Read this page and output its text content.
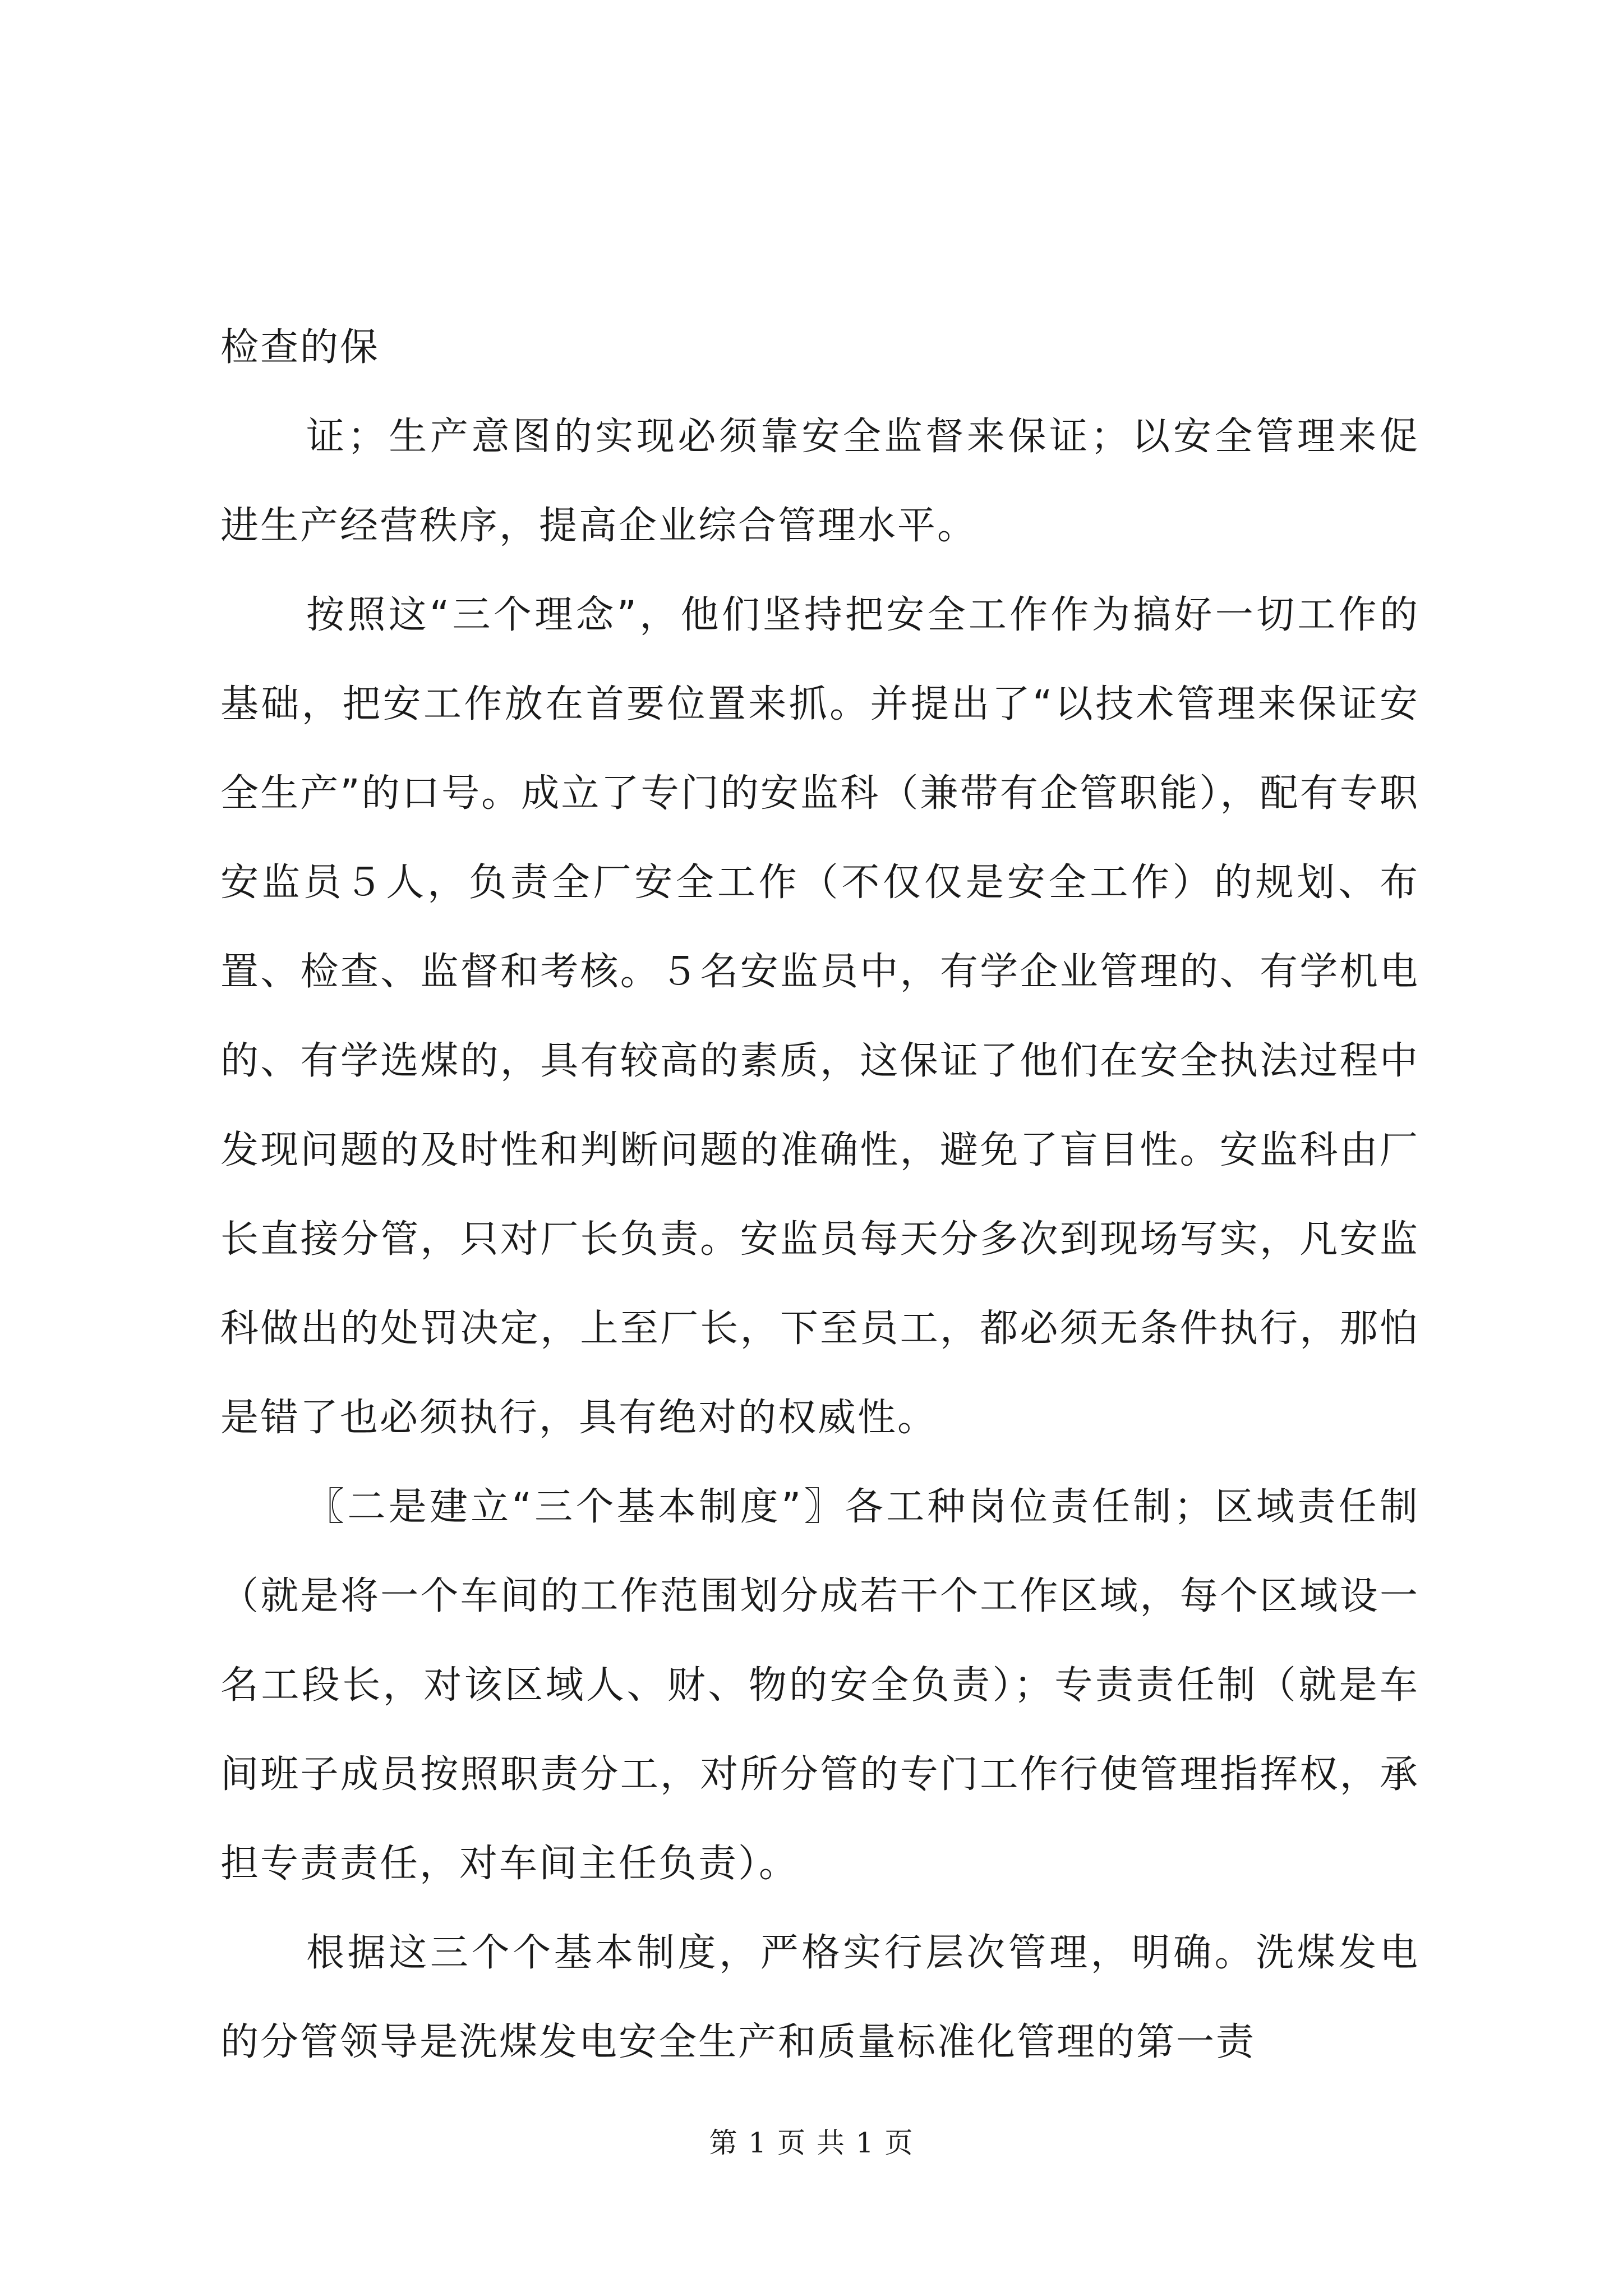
检查的保

证；生产意图的实现必须靠安全监督来保证；以安全管理来促进生产经营秩序，提高企业综合管理水平。

按照这“三个理念”，他们坚持把安全工作作为搞好一切工作的基础，把安工作放在首要位置来抓。并提出了“以技术管理来保证安全生产”的口号。成立了专门的安监科（兼带有企管职能），配有专职安监员５人，负责全厂安全工作（不仅仅是安全工作）的规划、布置、检查、监督和考核。５名安监员中，有学企业管理的、有学机电的、有学选煤的，具有较高的素质，这保证了他们在安全执法过程中发现问题的及时性和判断问题的准确性，避免了盲目性。安监科由厂长直接分管，只对厂长负责。安监员每天分多次到现场写实，凡安监科做出的处罚决定，上至厂长，下至员工，都必须无条件执行，那怕是错了也必须执行，具有绝对的权威性。

〖二是建立“三个基本制度”〗各工种岗位责任制；区域责任制（就是将一个车间的工作范围划分成若干个工作区域，每个区域设一名工段长，对该区域人、财、物的安全负责）；专责责任制（就是车间班子成员按照职责分工，对所分管的专门工作行使管理指挥权，承担专责责任，对车间主任负责）。

根据这三个个基本制度，严格实行层次管理，明确。洗煤发电的分管领导是洗煤发电安全生产和质量标准化管理的第一责

第 1 页 共 1 页
